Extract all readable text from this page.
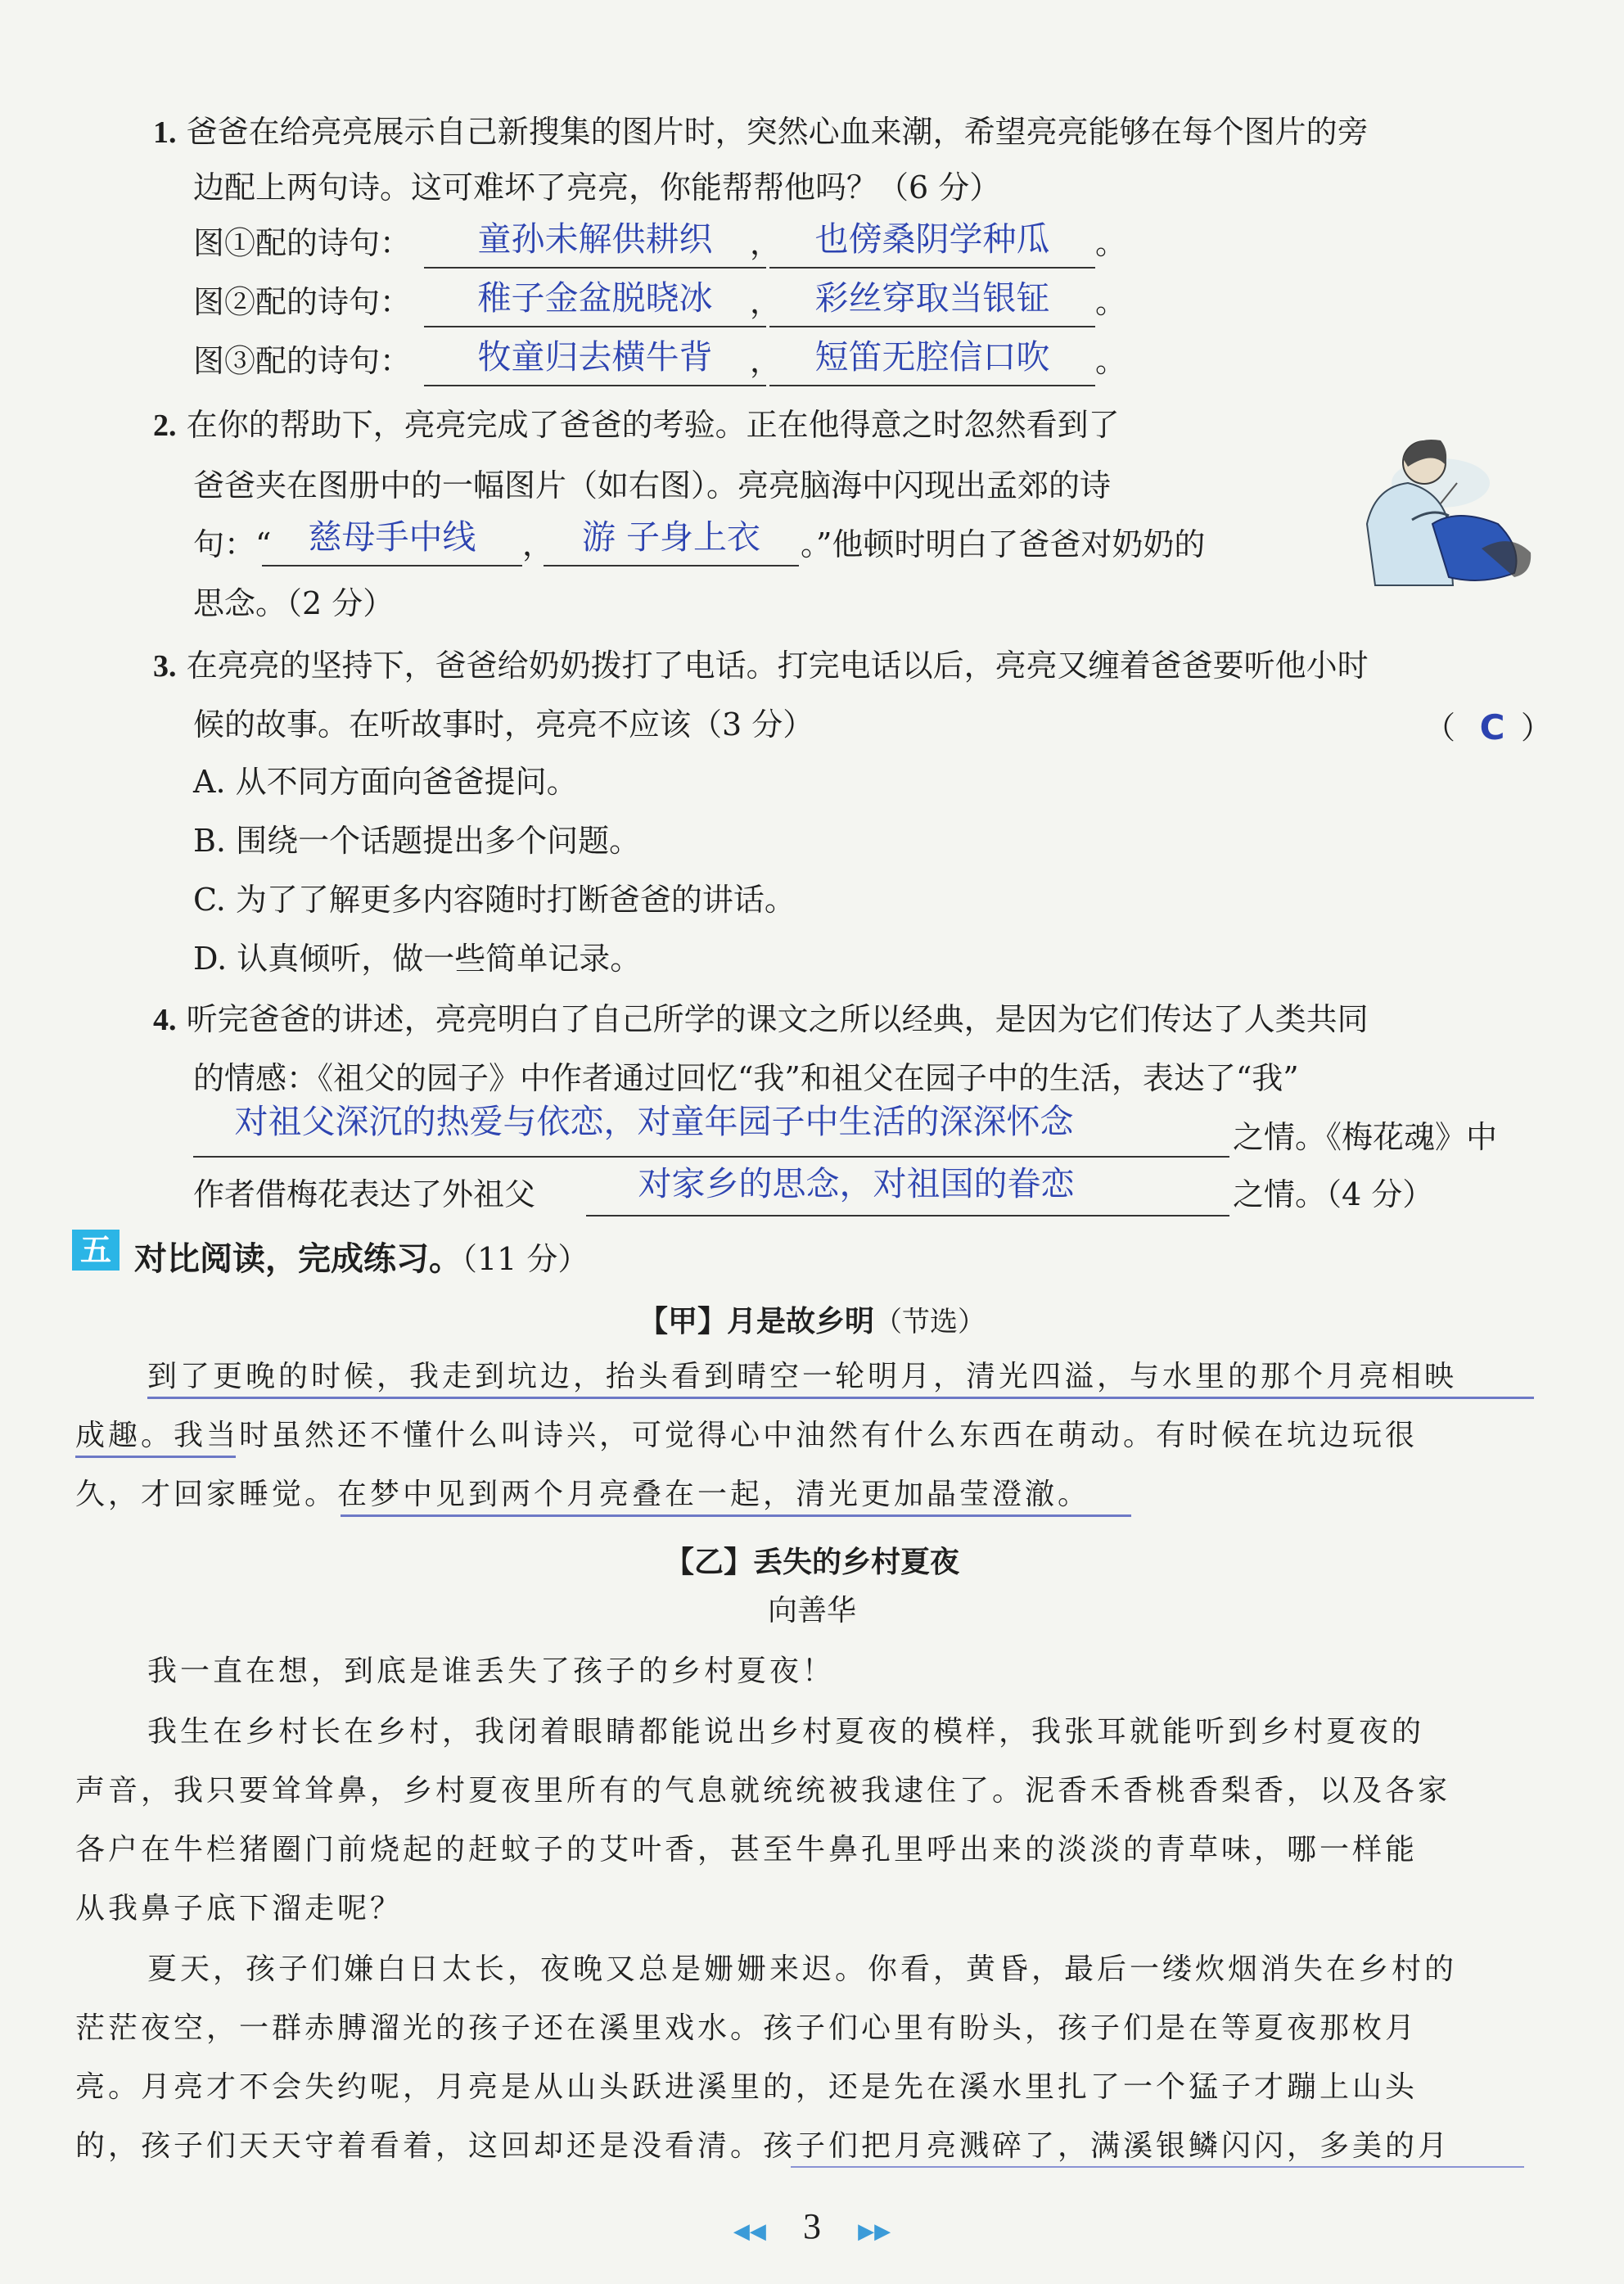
1. 爸爸在给亮亮展示自己新搜集的图片时，突然心血来潮，希望亮亮能够在每个图片的旁
边配上两句诗。这可难坏了亮亮，你能帮帮他吗？（6 分）
图①配的诗句：	童孙未解供耕织	，	也傍桑阴学种瓜	。
图②配的诗句：	稚子金盆脱晓冰	，	彩丝穿取当银钲	。
图③配的诗句：	牧童归去横牛背	，	短笛无腔信口吹	。
2. 在你的帮助下，亮亮完成了爸爸的考验。正在他得意之时忽然看到了
爸爸夹在图册中的一幅图片（如右图）。亮亮脑海中闪现出孟郊的诗
句：“	慈母手中线	， 游 子身上衣	。”他顿时明白了爸爸对奶奶的
思念。（2 分）
3. 在亮亮的坚持下，爸爸给奶奶拨打了电话。打完电话以后，亮亮又缠着爸爸要听他小时
候的故事。在听故事时，亮亮不应该（3 分）	（ C ）
A. 从不同方面向爸爸提问。
B. 围绕一个话题提出多个问题。
C. 为了了解更多内容随时打断爸爸的讲话。
D. 认真倾听，做一些简单记录。
4. 听完爸爸的讲述，亮亮明白了自己所学的课文之所以经典，是因为它们传达了人类共同
的情感：《祖父的园子》中作者通过回忆“我”和祖父在园子中的生活，表达了“我”
对祖父深沉的热爱与依恋，对童年园子中生活的深深怀念	之情。《梅花魂》中
作者借梅花表达了外祖父	对家乡的思念，对祖国的眷恋	之情。（4 分）
五 对比阅读，完成练习。（11 分）
【甲】月是故乡明（节选）
到了更晚的时候，我走到坑边，抬头看到晴空一轮明月，清光四溢，与水里的那个月亮相映
成趣。我当时虽然还不懂什么叫诗兴，可觉得心中油然有什么东西在萌动。有时候在坑边玩很
久，才回家睡觉。在梦中见到两个月亮叠在一起，清光更加晶莹澄澈。
【乙】丢失的乡村夏夜
向善华
我一直在想，到底是谁丢失了孩子的乡村夏夜！
我生在乡村长在乡村，我闭着眼睛都能说出乡村夏夜的模样，我张耳就能听到乡村夏夜的
声音，我只要耸耸鼻，乡村夏夜里所有的气息就统统被我逮住了。泥香禾香桃香梨香，以及各家
各户在牛栏猪圈门前烧起的赶蚊子的艾叶香，甚至牛鼻孔里呼出来的淡淡的青草味，哪一样能
从我鼻子底下溜走呢？
夏天，孩子们嫌白日太长，夜晚又总是姗姗来迟。你看，黄昏，最后一缕炊烟消失在乡村的
茫茫夜空，一群赤膊溜光的孩子还在溪里戏水。孩子们心里有盼头，孩子们是在等夏夜那枚月
亮。月亮才不会失约呢，月亮是从山头跃进溪里的，还是先在溪水里扎了一个猛子才蹦上山头
的，孩子们天天守着看着，这回却还是没看清。孩子们把月亮溅碎了，满溪银鳞闪闪，多美的月
◀◀ 3 ▶▶
